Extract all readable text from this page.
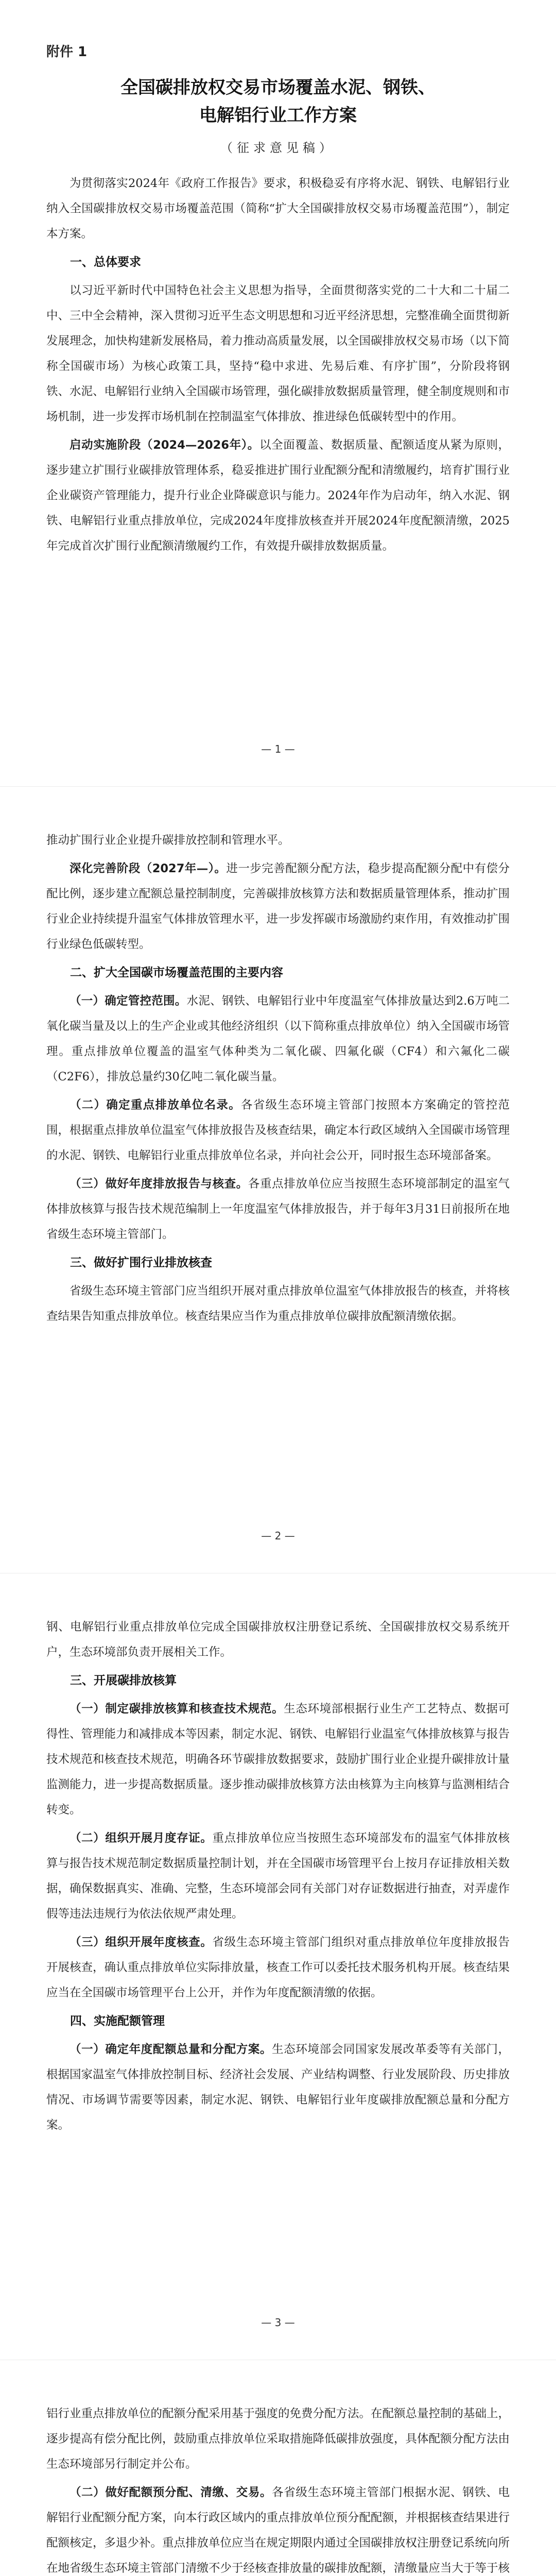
附件 1
全国碳排放权交易市场覆盖水泥、钢铁、
电解铝行业工作方案
（征求意见稿）

为贯彻落实2024年《政府工作报告》要求，积极稳妥有序将水泥、钢铁、电解铝行业纳入全国碳排放权交易市场覆盖范围（简称“扩大全国碳排放权交易市场覆盖范围”），制定本方案。

一、总体要求

以习近平新时代中国特色社会主义思想为指导，全面贯彻落实党的二十大和二十届二中、三中全会精神，深入贯彻习近平生态文明思想和习近平经济思想，完整准确全面贯彻新发展理念，加快构建新发展格局，着力推动高质量发展，以全国碳排放权交易市场（以下简称全国碳市场）为核心政策工具，坚持“稳中求进、先易后难、有序扩围”，分阶段将钢铁、水泥、电解铝行业纳入全国碳市场管理，强化碳排放数据质量管理，健全制度规则和市场机制，进一步发挥市场机制在控制温室气体排放、推进绿色低碳转型中的作用。

启动实施阶段（2024—2026年）。以全面覆盖、数据质量、配额适度从紧为原则，逐步建立扩围行业碳排放管理体系，稳妥推进扩围行业配额分配和清缴履约，培育扩围行业企业碳资产管理能力，提升行业企业降碳意识与能力。2024年作为启动年，纳入水泥、钢铁、电解铝行业重点排放单位，完成2024年度排放核查并开展2024年度配额清缴，2025年完成首次扩围行业配额清缴履约工作，有效提升碳排放数据质量。

— 1 —

推动扩围行业企业提升碳排放控制和管理水平。

深化完善阶段（2027年—）。进一步完善配额分配方法，稳步提高配额分配中有偿分配比例，逐步建立配额总量控制制度，完善碳排放核算方法和数据质量管理体系，推动扩围行业企业持续提升温室气体排放管理水平，进一步发挥碳市场激励约束作用，有效推动扩围行业绿色低碳转型。

二、扩大全国碳市场覆盖范围的主要内容

（一）确定管控范围。水泥、钢铁、电解铝行业中年度温室气体排放量达到2.6万吨二氧化碳当量及以上的生产企业或其他经济组织（以下简称重点排放单位）纳入全国碳市场管理。重点排放单位覆盖的温室气体种类为二氧化碳、四氟化碳（CF4）和六氟化二碳（C2F6），排放总量约30亿吨二氧化碳当量。

（二）确定重点排放单位名录。各省级生态环境主管部门按照本方案确定的管控范围，根据重点排放单位温室气体排放报告及核查结果，确定本行政区域纳入全国碳市场管理的水泥、钢铁、电解铝行业重点排放单位名录，并向社会公开，同时报生态环境部备案。

（三）做好年度排放报告与核查。各重点排放单位应当按照生态环境部制定的温室气体排放核算与报告技术规范编制上一年度温室气体排放报告，并于每年3月31日前报所在地省级生态环境主管部门。

三、做好扩围行业排放核查

省级生态环境主管部门应当组织开展对重点排放单位温室气体排放报告的核查，并将核查结果告知重点排放单位。核查结果应当作为重点排放单位碳排放配额清缴依据。

— 2 —

钢、电解铝行业重点排放单位完成全国碳排放权注册登记系统、全国碳排放权交易系统开户，生态环境部负责开展相关工作。

三、开展碳排放核算

（一）制定碳排放核算和核查技术规范。生态环境部根据行业生产工艺特点、数据可得性、管理能力和减排成本等因素，制定水泥、钢铁、电解铝行业温室气体排放核算与报告技术规范和核查技术规范，明确各环节碳排放数据要求，鼓励扩围行业企业提升碳排放计量监测能力，进一步提高数据质量。逐步推动碳排放核算方法由核算为主向核算与监测相结合转变。

（二）组织开展月度存证。重点排放单位应当按照生态环境部发布的温室气体排放核算与报告技术规范制定数据质量控制计划，并在全国碳市场管理平台上按月存证排放相关数据，确保数据真实、准确、完整，生态环境部会同有关部门对存证数据进行抽查，对弄虚作假等违法违规行为依法依规严肃处理。

（三）组织开展年度核查。省级生态环境主管部门组织对重点排放单位年度排放报告开展核查，确认重点排放单位实际排放量，核查工作可以委托技术服务机构开展。核查结果应当在全国碳市场管理平台上公开，并作为年度配额清缴的依据。

四、实施配额管理

（一）确定年度配额总量和分配方案。生态环境部会同国家发展改革委等有关部门，根据国家温室气体排放控制目标、经济社会发展、产业结构调整、行业发展阶段、历史排放情况、市场调节需要等因素，制定水泥、钢铁、电解铝行业年度碳排放配额总量和分配方案。

— 3 —

铝行业重点排放单位的配额分配采用基于强度的免费分配方法。在配额总量控制的基础上，逐步提高有偿分配比例，鼓励重点排放单位采取措施降低碳排放强度，具体配额分配方法由生态环境部另行制定并公布。

（二）做好配额预分配、清缴、交易。各省级生态环境主管部门根据水泥、钢铁、电解铝行业配额分配方案，向本行政区域内的重点排放单位预分配配额，并根据核查结果进行配额核定，多退少补。重点排放单位应当在规定期限内通过全国碳排放权注册登记系统向所在地省级生态环境主管部门清缴不少于经核查排放量的碳排放配额，清缴量应当大于等于核
